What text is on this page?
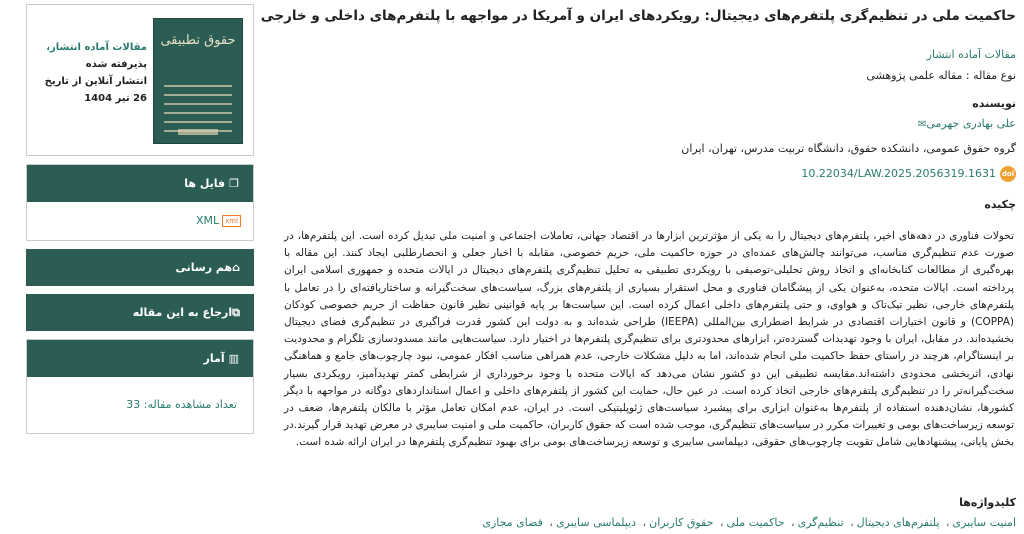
حقوق تطبیقی
مقالات آماده انتشار،
پذیرفته شده
انتشار آنلاین از تاریخ
26 تیر 1404
❐فایل ها
xmlXML
⌂هم رسانی
⧉ارجاع به این مقاله
▥آمار
تعداد مشاهده مقاله: 33
حاکمیت ملی در تنظیم‌گری پلتفرم‌های دیجیتال: رویکردهای ایران و آمریکا در مواجهه با پلتفرم‌های داخلی و خارجی
مقالات آماده انتشار
نوع مقاله : مقاله علمی پژوهشی
نویسنده
علی بهادری جهرمی✉
گروه حقوق عمومی، دانشکده حقوق، دانشگاه تربیت مدرس، تهران، ایران
10.22034/LAW.2025.2056319.1631 doi
چکیده
تحولات فناوری در دهه‌های اخیر، پلتفرم‌های دیجیتال را به یکی از مؤثرترین ابزارها در اقتصاد جهانی، تعاملات اجتماعی و امنیت ملی تبدیل کرده است. این پلتفرم‌ها، در صورت عدم تنظیم‌گری مناسب، می‌توانند چالش‌های عمده‌ای در حوزه حاکمیت ملی، حریم خصوصی، مقابله با اخبار جعلی و انحصارطلبی ایجاد کنند. این مقاله با بهره‌گیری از مطالعات کتابخانه‌ای و اتخاذ روش تحلیلی-توصیفی با رویکردی تطبیقی به تحلیل تنظیم‌گری پلتفرم‌های دیجیتال در ایالات متحده و جمهوری اسلامی ایران پرداخته است. ایالات متحده، به‌عنوان یکی از پیشگامان فناوری و محل استقرار بسیاری از پلتفرم‌های بزرگ، سیاست‌های سخت‌گیرانه و ساختاریافته‌ای را در تعامل با پلتفرم‌های خارجی، نظیر تیک‌تاک و هواوی، و حتی پلتفرم‌های داخلی اعمال کرده است. این سیاست‌ها بر پایه قوانینی نظیر قانون حفاظت از حریم خصوصی کودکان (COPPA) و قانون اختیارات اقتصادی در شرایط اضطراری بین‌المللی (IEEPA) طراحی شده‌اند و به دولت این کشور قدرت فراگیری در تنظیم‌گری فضای دیجیتال بخشیده‌اند. در مقابل، ایران با وجود تهدیدات گسترده‌تر، ابزارهای محدودتری برای تنظیم‌گری پلتفرم‌ها در اختیار دارد. سیاست‌هایی مانند مسدودسازی تلگرام و محدودیت بر اینستاگرام، هرچند در راستای حفظ حاکمیت ملی انجام شده‌اند، اما به دلیل مشکلات خارجی، عدم همراهی مناسب افکار عمومی، نبود چارچوب‌های جامع و هماهنگی نهادی، اثربخشی محدودی داشته‌اند.مقایسه تطبیقی این دو کشور نشان می‌دهد که ایالات متحده با وجود برخورداری از شرایطی کمتر تهدیدآمیز، رویکردی بسیار سخت‌گیرانه‌تر را در تنظیم‌گری پلتفرم‌های خارجی اتخاذ کرده است. در عین حال، حمایت این کشور از پلتفرم‌های داخلی و اعمال استانداردهای دوگانه در مواجهه با دیگر کشورها، نشان‌دهنده استفاده از پلتفرم‌ها به‌عنوان ابزاری برای پیشبرد سیاست‌های ژئوپلیتیکی است. در ایران، عدم امکان تعامل مؤثر با مالکان پلتفرم‌ها، ضعف در توسعه زیرساخت‌های بومی و تغییرات مکرر در سیاست‌های تنظیم‌گری، موجب شده است که حقوق کاربران، حاکمیت ملی و امنیت سایبری در معرض تهدید قرار گیرند.در بخش پایانی، پیشنهادهایی شامل تقویت چارچوب‌های حقوقی، دیپلماسی سایبری و توسعه زیرساخت‌های بومی برای بهبود تنظیم‌گری پلتفرم‌ها در ایران ارائه شده است.
کلیدواژه‌ها
امنیت سایبری، پلتفرم‌های دیجیتال، تنظیم‌گری، حاکمیت ملی، حقوق کاربران، دیپلماسی سایبری، فضای مجازی
